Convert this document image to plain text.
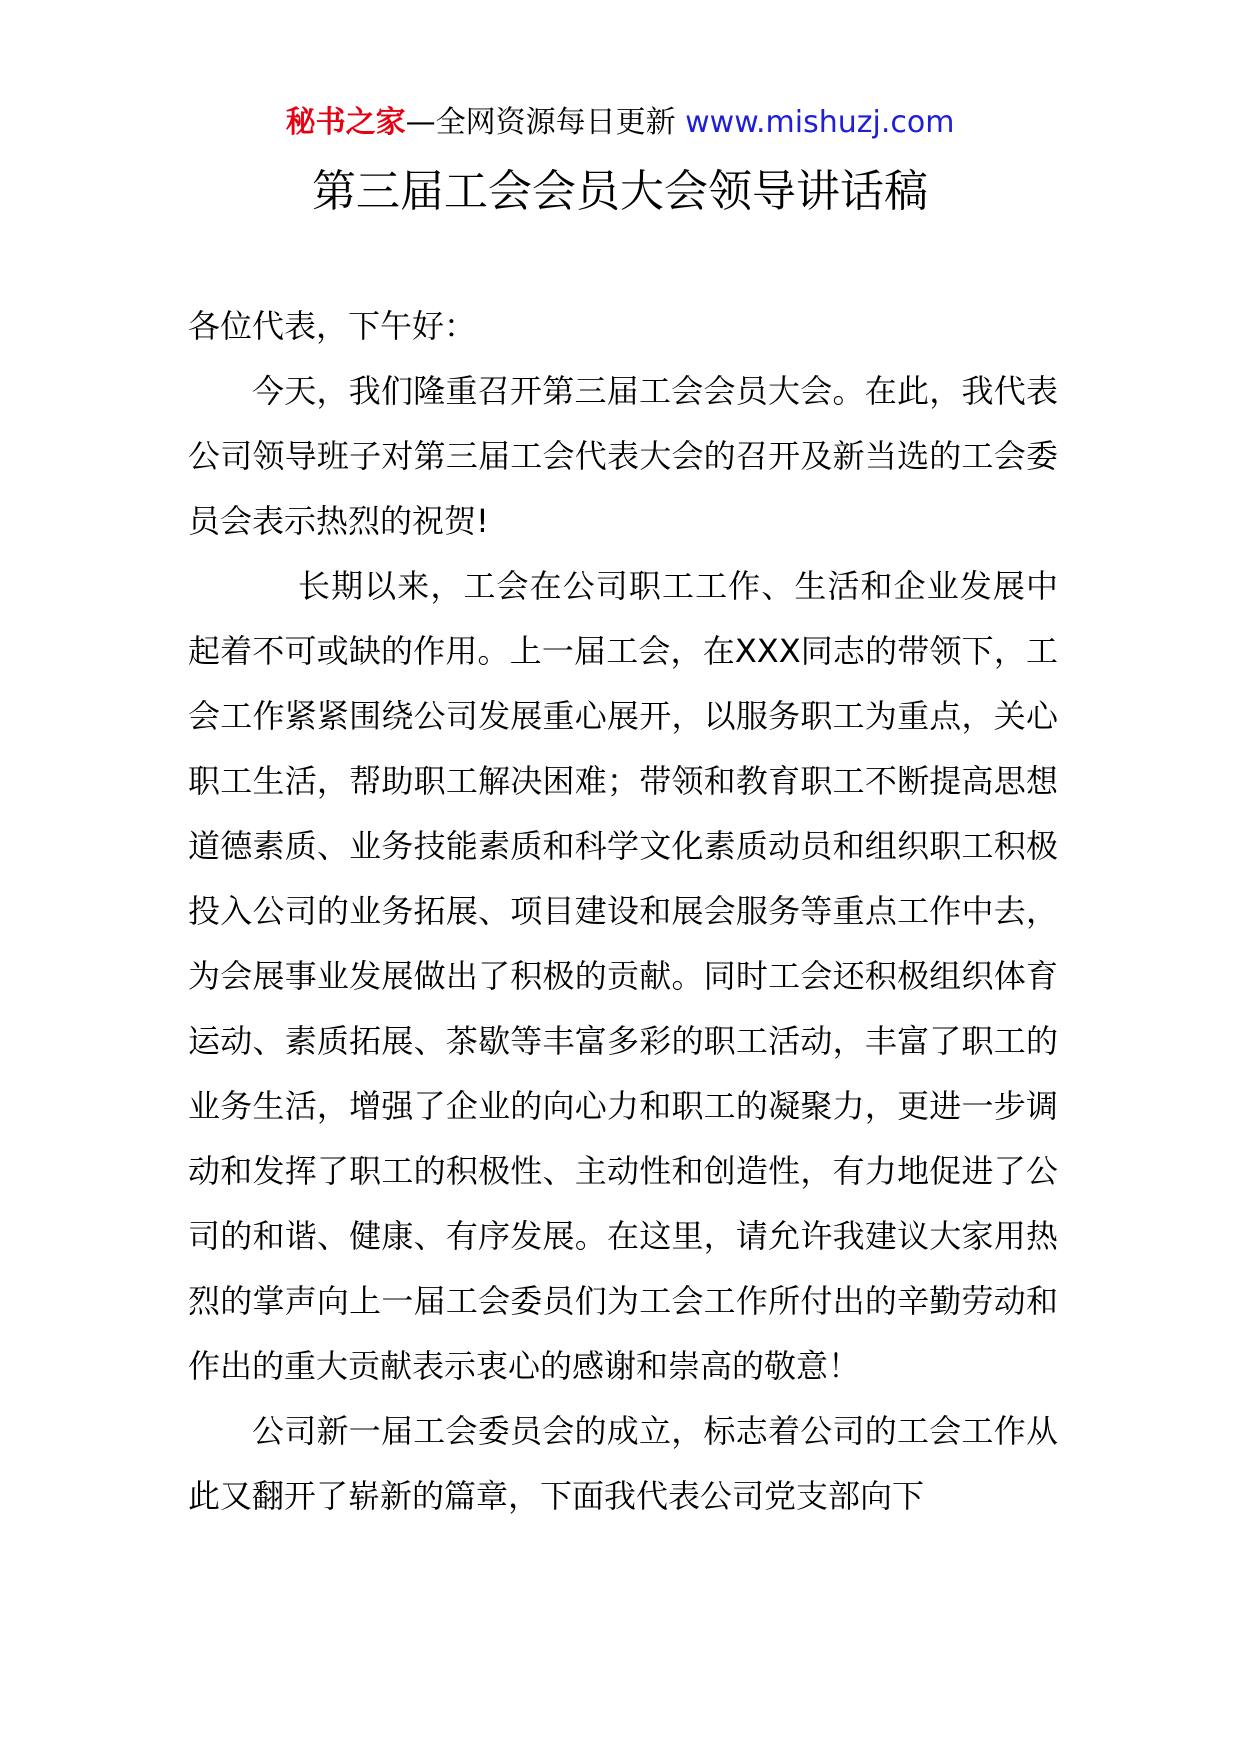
秘书之家—全网资源每日更新 www.mishuzj.com
第三届工会会员大会领导讲话稿

各位代表，下午好：

今天，我们隆重召开第三届工会会员大会。在此，我代表公司领导班子对第三届工会代表大会的召开及新当选的工会委员会表示热烈的祝贺!

长期以来，工会在公司职工工作、生活和企业发展中起着不可或缺的作用。上一届工会，在XXX同志的带领下，工会工作紧紧围绕公司发展重心展开，以服务职工为重点，关心职工生活，帮助职工解决困难；带领和教育职工不断提高思想道德素质、业务技能素质和科学文化素质动员和组织职工积极投入公司的业务拓展、项目建设和展会服务等重点工作中去，为会展事业发展做出了积极的贡献。同时工会还积极组织体育运动、素质拓展、茶歇等丰富多彩的职工活动，丰富了职工的业务生活，增强了企业的向心力和职工的凝聚力，更进一步调动和发挥了职工的积极性、主动性和创造性，有力地促进了公司的和谐、健康、有序发展。在这里，请允许我建议大家用热烈的掌声向上一届工会委员们为工会工作所付出的辛勤劳动和作出的重大贡献表示衷心的感谢和崇高的敬意！

公司新一届工会委员会的成立，标志着公司的工会工作从此又翻开了崭新的篇章，下面我代表公司党支部向下
